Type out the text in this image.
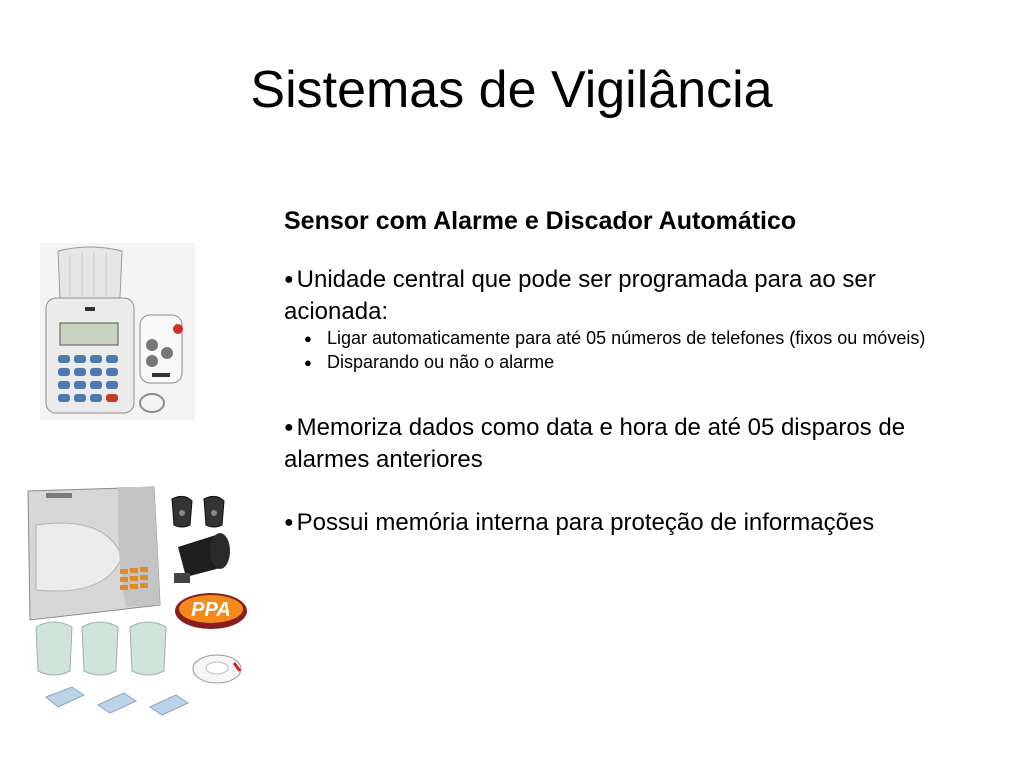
Sistemas de Vigilância
PPA

Sensor com Alarme e Discador Automático

● Unidade central que pode ser programada para ao ser acionada:

● Ligar automaticamente para até 05 números de telefones (fixos ou móveis)
● Disparando ou não o alarme

● Memoriza dados como data e hora de até 05 disparos de alarmes anteriores

● Possui memória interna para proteção de informações
